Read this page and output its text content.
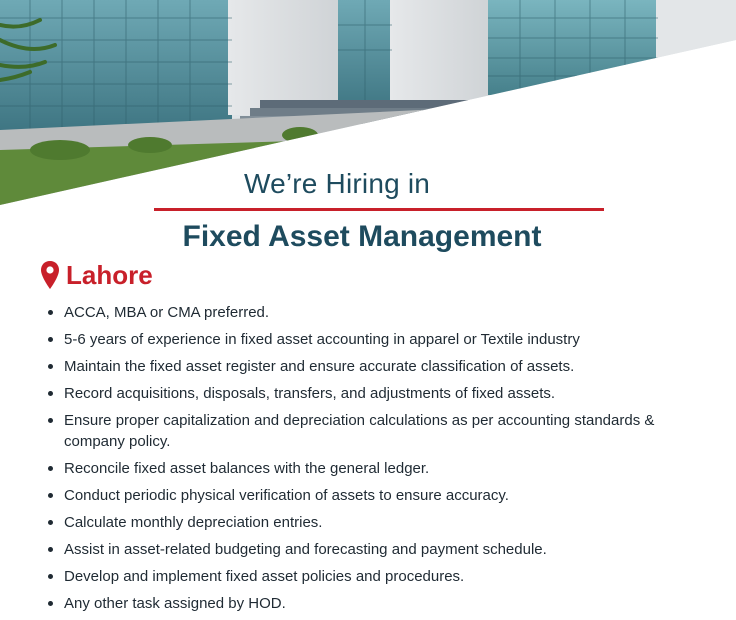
We’re Hiring in
Fixed Asset Management
Lahore
ACCA, MBA or CMA preferred.
5-6 years of experience in fixed asset accounting in apparel or Textile industry
Maintain the fixed asset register and ensure accurate classification of assets.
Record acquisitions, disposals, transfers, and adjustments of fixed assets.
Ensure proper capitalization and depreciation calculations as per accounting standards & company policy.
Reconcile fixed asset balances with the general ledger.
Conduct periodic physical verification of assets to ensure accuracy.
Calculate monthly depreciation entries.
Assist in asset-related budgeting and forecasting and payment schedule.
Develop and implement fixed asset policies and procedures.
Any other task assigned by HOD.
